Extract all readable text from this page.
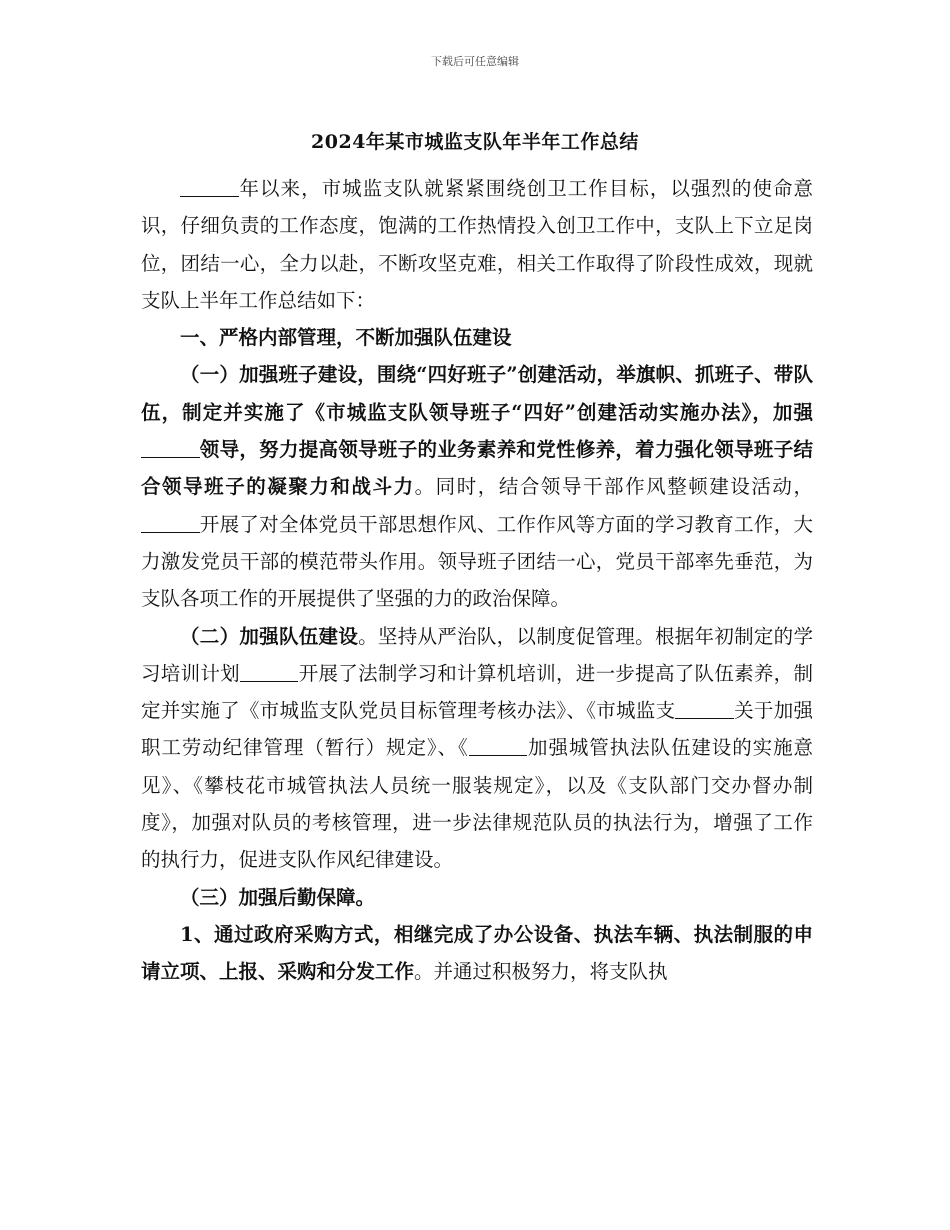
下载后可任意编辑
2024年某市城监支队年半年工作总结

年以来，市城监支队就紧紧围绕创卫工作目标，以强烈的使命意识，仔细负责的工作态度，饱满的工作热情投入创卫工作中，支队上下立足岗位，团结一心，全力以赴，不断攻坚克难，相关工作取得了阶段性成效，现就支队上半年工作总结如下：

一、严格内部管理，不断加强队伍建设

（一）加强班子建设，围绕“四好班子”创建活动，举旗帜、抓班子、带队伍，制定并实施了《市城监支队领导班子“四好”创建活动实施办法》，加强领导，努力提高领导班子的业务素养和党性修养，着力强化领导班子结合领导班子的凝聚力和战斗力。同时，结合领导干部作风整顿建设活动，开展了对全体党员干部思想作风、工作作风等方面的学习教育工作，大力激发党员干部的模范带头作用。领导班子团结一心，党员干部率先垂范，为支队各项工作的开展提供了坚强的力的政治保障。

（二）加强队伍建设。坚持从严治队，以制度促管理。根据年初制定的学习培训计划	开展了法制学习和计算机培训，进一步提高了队伍素养，制定并实施了《市城监支队党员目标管理考核办法》、《市城监支	关于加强职工劳动纪律管理（暂行）规定》、《	加强城管执法队伍建设的实施意见》、《攀枝花市城管执法人员统一服装规定》，以及《支队部门交办督办制度》，加强对队员的考核管理，进一步法律规范队员的执法行为，增强了工作的执行力，促进支队作风纪律建设。

（三）加强后勤保障。

1、通过政府采购方式，相继完成了办公设备、执法车辆、执法制服的申请立项、上报、采购和分发工作。并通过积极努力，将支队执
